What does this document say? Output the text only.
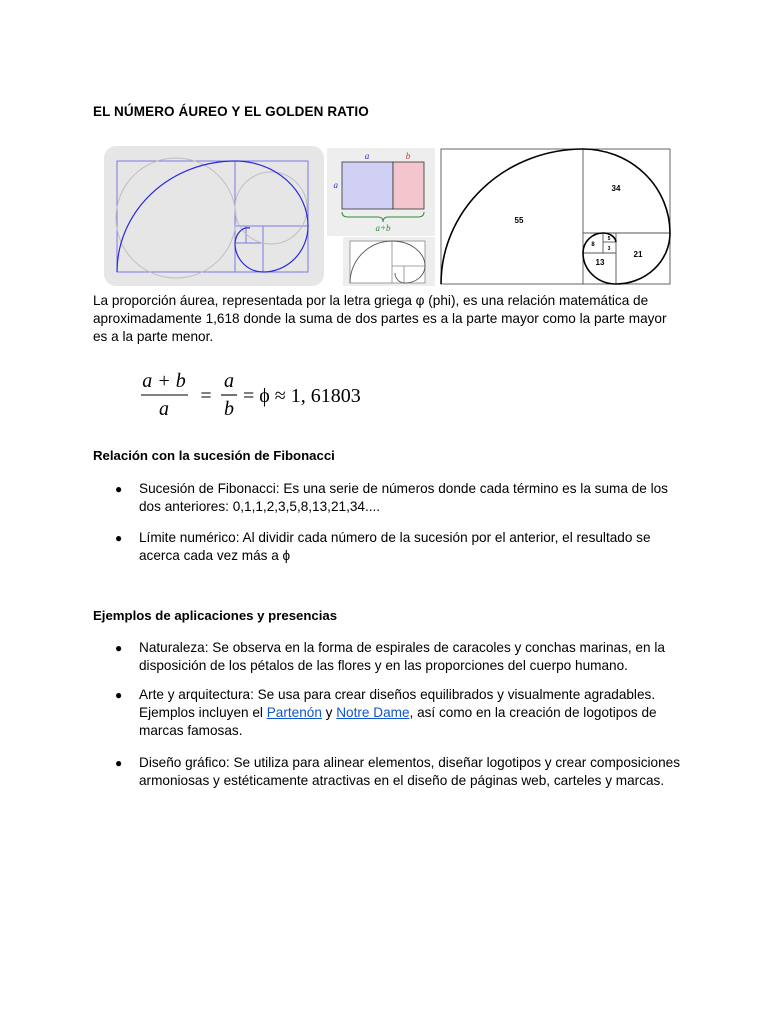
EL NÚMERO ÁUREO Y EL GOLDEN RATIO
a	b
a
a+b
55
34
21
13
8
5
3
La proporción áurea, representada por la letra griega φ (phi), es una relación matemática de aproximadamente 1,618 donde la suma de dos partes es a la parte mayor como la parte mayor es a la parte menor.
a + b
a
=
a
b
= ϕ ≈ 1, 61803
Relación con la sucesión de Fibonacci
● Sucesión de Fibonacci: Es una serie de números donde cada término es la suma de los dos anteriores: 0,1,1,2,3,5,8,13,21,34....
● Límite numérico: Al dividir cada número de la sucesión por el anterior, el resultado se acerca cada vez más a ϕ
Ejemplos de aplicaciones y presencias
● Naturaleza: Se observa en la forma de espirales de caracoles y conchas marinas, en la disposición de los pétalos de las flores y en las proporciones del cuerpo humano.
● Arte y arquitectura: Se usa para crear diseños equilibrados y visualmente agradables. Ejemplos incluyen el Partenón y Notre Dame, así como en la creación de logotipos de marcas famosas.
● Diseño gráfico: Se utiliza para alinear elementos, diseñar logotipos y crear composiciones armoniosas y estéticamente atractivas en el diseño de páginas web, carteles y marcas.
